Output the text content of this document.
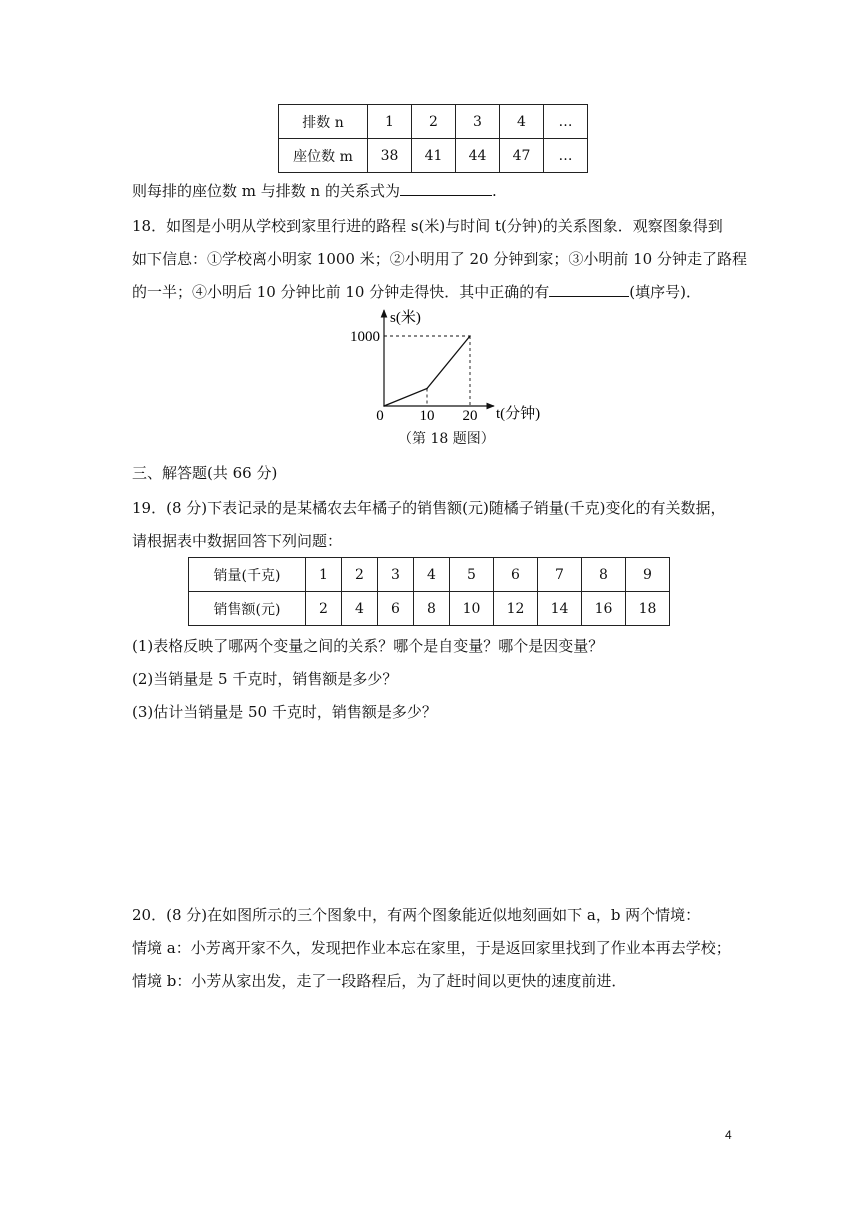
排数 n	1	2	3	4	…
座位数 m	38	41	44	47	…
则每排的座位数 m 与排数 n 的关系式为	.
18．如图是小明从学校到家里行进的路程 s(米)与时间 t(分钟)的关系图象．观察图象得到
如下信息：①学校离小明家 1000 米；②小明用了 20 分钟到家；③小明前 10 分钟走了路程
的一半；④小明后 10 分钟比前 10 分钟走得快．其中正确的有	(填序号)．
s(米)
1000
0 10 20 t(分钟)
（第 18 题图）
三、解答题(共 66 分)
19．(8 分)下表记录的是某橘农去年橘子的销售额(元)随橘子销量(千克)变化的有关数据，
请根据表中数据回答下列问题：
销量(千克)	1	2	3	4	5	6	7	8	9
销售额(元)	2	4	6	8	10	12	14	16	18
(1)表格反映了哪两个变量之间的关系？哪个是自变量？哪个是因变量？
(2)当销量是 5 千克时，销售额是多少？
(3)估计当销量是 50 千克时，销售额是多少？
20．(8 分)在如图所示的三个图象中，有两个图象能近似地刻画如下 a，b 两个情境：
情境 a：小芳离开家不久，发现把作业本忘在家里，于是返回家里找到了作业本再去学校；
情境 b：小芳从家出发，走了一段路程后，为了赶时间以更快的速度前进．
4
